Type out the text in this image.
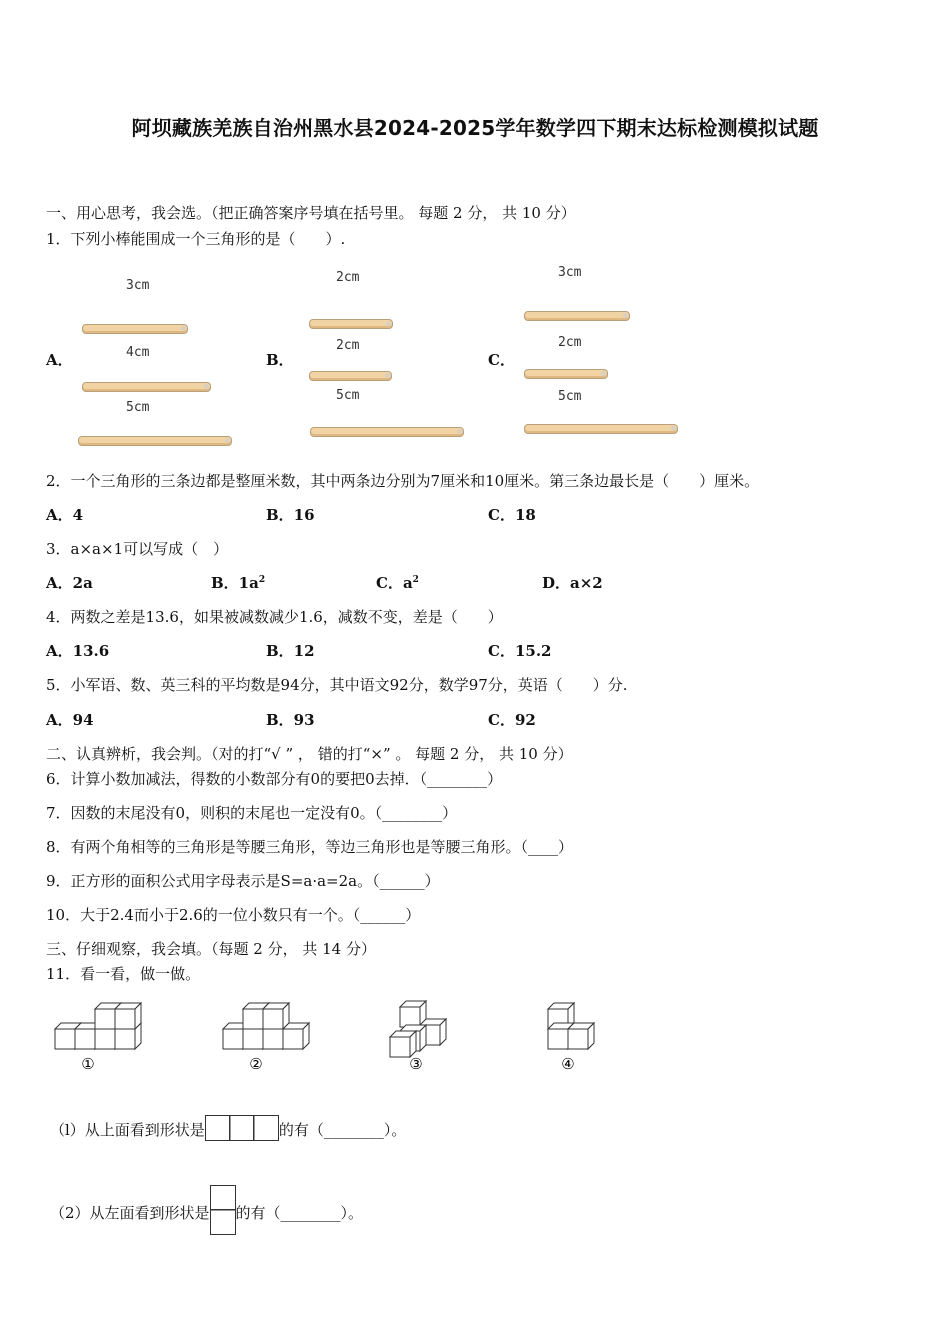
阿坝藏族羌族自治州黑水县2024-2025学年数学四下期末达标检测模拟试题
一、用心思考，我会选。（把正确答案序号填在括号里。 每题 2 分， 共 10 分）
1．下列小棒能围成一个三角形的是（　　）.
A．
3cm
4cm
5cm
B．
2cm
2cm
5cm
C．
3cm
2cm
5cm
2．一个三角形的三条边都是整厘米数，其中两条边分别为7厘米和10厘米。第三条边最长是（　　）厘米。
A．4	B．16	C．18
3．a×a×1可以写成（　）
A．2a	B．$1a^2$	C．$a^2$	D．a×2
4．两数之差是13.6，如果被减数减少1.6，减数不变，差是（　　）
A．13.6	B．12	C．15.2
5．小军语、数、英三科的平均数是94分，其中语文92分，数学97分，英语（　　）分.
A．94	B．93	C．92
二、认真辨析，我会判。（对的打“√ ” ， 错的打“×” 。 每题 2 分， 共 10 分）
6．计算小数加减法，得数的小数部分有0的要把0去掉．（________）
7．因数的末尾没有0，则积的末尾也一定没有0。（________）
8．有两个角相等的三角形是等腰三角形，等边三角形也是等腰三角形。（____）
9．正方形的面积公式用字母表示是S=a·a=2a。（______）
10．大于2.4而小于2.6的一位小数只有一个。（______）
三、仔细观察，我会填。（每题 2 分， 共 14 分）
11．看一看，做一做。
①	②	③	④
（l）从上面看到形状是	的有（________）。
（2）从左面看到形状是 的有（________）。
